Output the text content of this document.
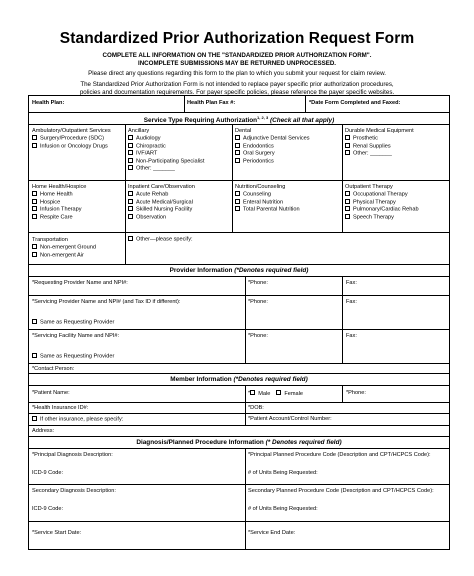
Standardized Prior Authorization Request Form
COMPLETE ALL INFORMATION ON THE "STANDARDIZED PRIOR AUTHORIZATION FORM".
INCOMPLETE SUBMISSIONS MAY BE RETURNED UNPROCESSED.
Please direct any questions regarding this form to the plan to which you submit your request for claim review.
The Standardized Prior Authorization Form is not intended to replace payer specific prior authorization procedures,
policies and documentation requirements. For payer specific policies, please reference the payer specific websites.
Health Plan:	Health Plan Fax #:	*Date Form Completed and Faxed:
Service Type Requiring Authorization$^{1, 2, 3}$ (Check all that apply)
Ambulatory/Outpatient Services
Surgery/Procedure (SDC)
Infusion or Oncology Drugs
Ancillary
Audiology
Chiropractic
IVF/ART
Non-Participating Specialist
Other: _______
Dental
Adjunctive Dental Services
Endodontics
Oral Surgery
Periodontics
Durable Medical Equipment
Prosthetic
Renal Supplies
Other: _______
Home Health/Hospice
Home Health
Hospice
Infusion Therapy
Respite Care
Inpatient Care/Observation
Acute Rehab
Acute Medical/Surgical
Skilled Nursing Facility
Observation
Nutrition/Counseling
Counseling
Enteral Nutrition
Total Parental Nutrition
Outpatient Therapy
Occupational Therapy
Physical Therapy
Pulmonary/Cardiac Rehab
Speech Therapy
Transportation
Non-emergent Ground
Non-emergent Air
Other—please specify:
Provider Information (*Denotes required field)
*Requesting Provider Name and NPI#:	*Phone:	Fax:
*Servicing Provider Name and NPI# (and Tax ID if different):
Same as Requesting Provider
*Phone:	Fax:
*Servicing Facility Name and NPI#:
Same as Requesting Provider
*Phone:	Fax:
*Contact Person:
Member Information (*Denotes required field)
*Patient Name:	* Male	Female	*Phone:
*Health Insurance ID#:	*DOB:
If other insurance, please specify:	*Patient Account/Control Number:
Address:
Diagnosis/Planned Procedure Information (* Denotes required field)
*Principal Diagnosis Description:
ICD-9 Code:
*Principal Planned Procedure Code (Description and CPT/HCPCS Code):
# of Units Being Requested:
Secondary Diagnosis Description:
ICD-9 Code:
Secondary Planned Procedure Code (Description and CPT/HCPCS Code):
# of Units Being Requested:
*Service Start Date:	*Service End Date:
